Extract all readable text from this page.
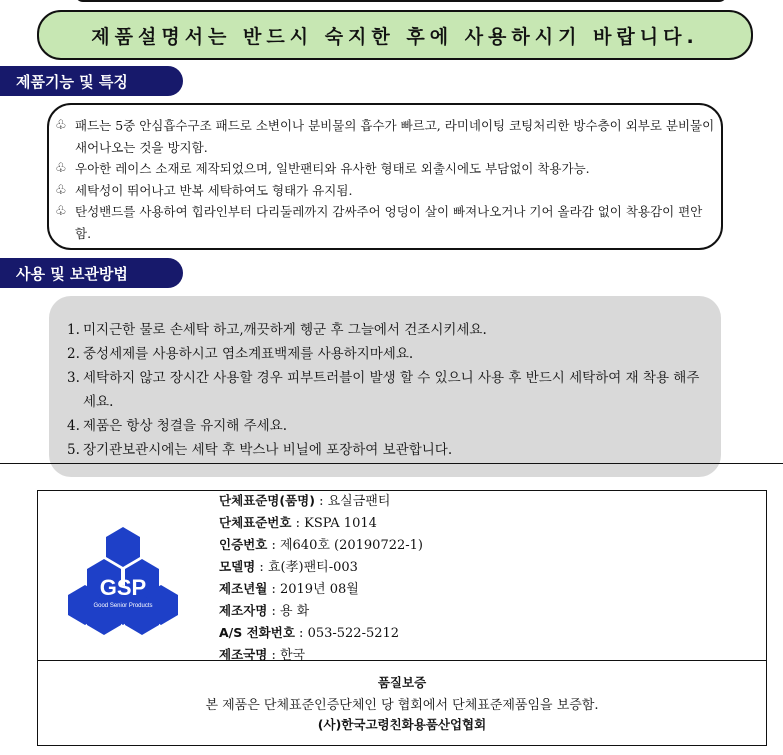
제품설명서는 반드시 숙지한 후에 사용하시기 바랍니다.
제품기능 및 특징
♧ 패드는 5중 안심흡수구조 패드로 소변이나 분비물의 흡수가 빠르고, 라미네이팅 코팅처리한 방수층이 외부로 분비물이 새어나오는 것을 방지함.
♧ 우아한 레이스 소재로 제작되었으며, 일반팬티와 유사한 형태로 외출시에도 부담없이 착용가능.
♧ 세탁성이 뛰어나고 반복 세탁하여도 형태가 유지됨.
♧ 탄성밴드를 사용하여 힙라인부터 다리둘레까지 감싸주어 엉덩이 살이 빠져나오거나 기어 올라감 없이 착용감이 편안함.
사용 및 보관방법
1. 미지근한 물로 손세탁 하고,깨끗하게 헹군 후 그늘에서 건조시키세요.
2. 중성세제를 사용하시고 염소계표백제를 사용하지마세요.
3. 세탁하지 않고 장시간 사용할 경우 피부트러블이 발생 할 수 있으니 사용 후 반드시 세탁하여 재 착용 해주세요.
4. 제품은 항상 청결을 유지해 주세요.
5. 장기관보관시에는 세탁 후 박스나 비닐에 포장하여 보관합니다.
GSP
Good Senior Products
단체표준명(품명) : 요실금팬티
단체표준번호 : KSPA 1014
인증번호 : 제640호 (20190722-1)
모델명 : 효(孝)팬티-003
제조년월 : 2019년 08월
제조자명 : 용 화
A/S 전화번호 : 053-522-5212
제조국명 : 한국
품질보증
본 제품은 단체표준인증단체인 당 협회에서 단체표준제품임을 보증함.
(사)한국고령친화용품산업협회
